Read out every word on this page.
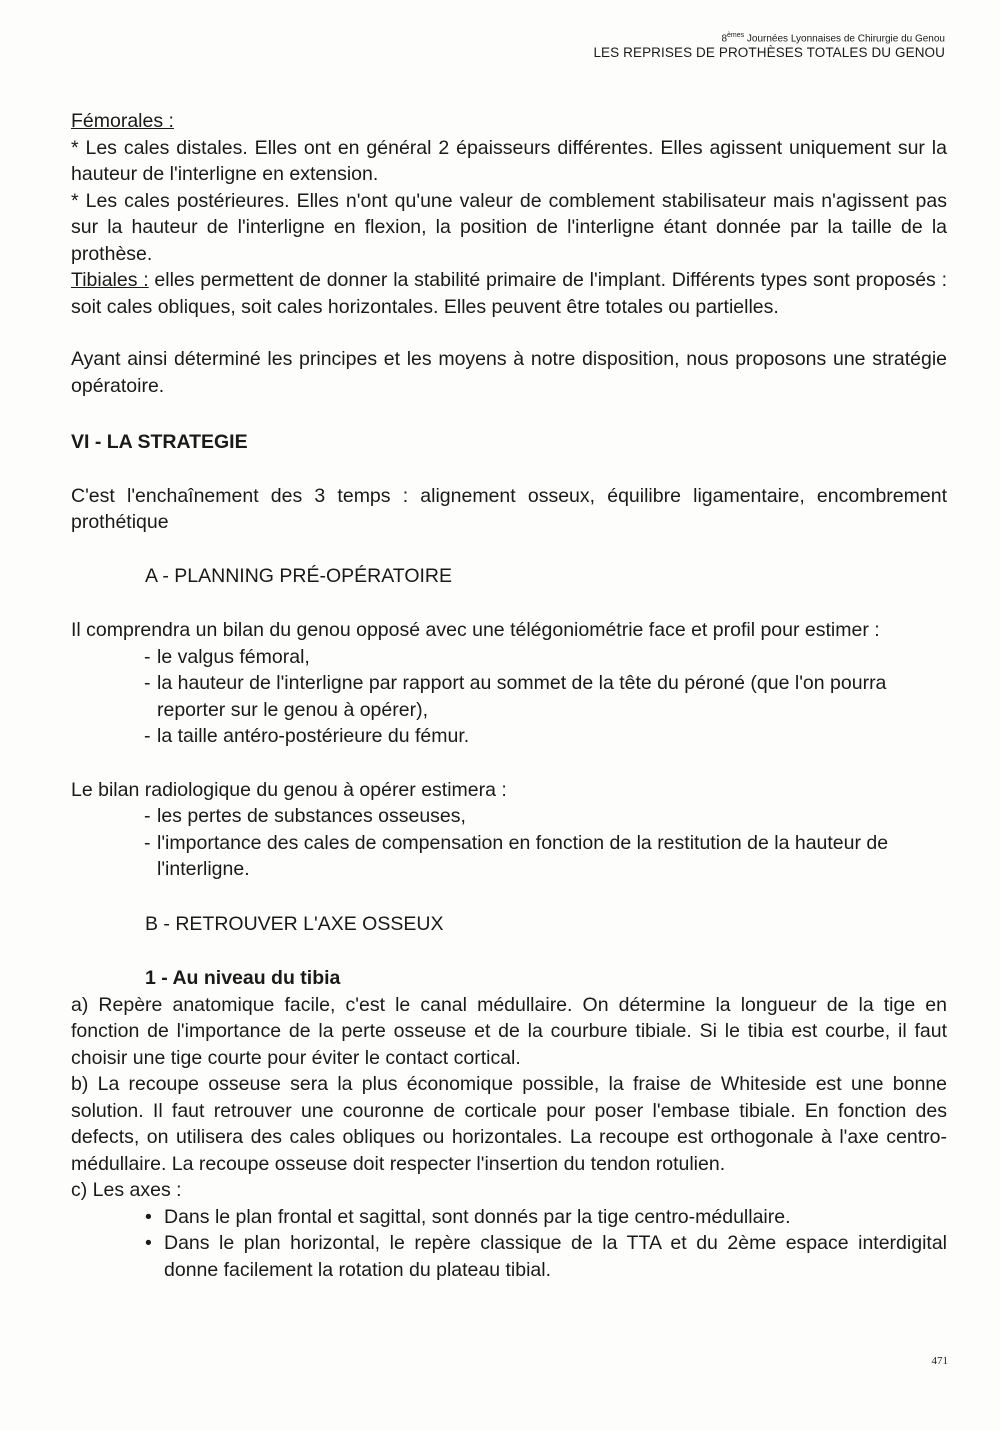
8èmes Journées Lyonnaises de Chirurgie du Genou
LES REPRISES DE PROTHÈSES TOTALES DU GENOU

Fémorales :

* Les cales distales. Elles ont en général 2 épaisseurs différentes. Elles agissent uniquement sur la hauteur de l'interligne en extension.

* Les cales postérieures. Elles n'ont qu'une valeur de comblement stabilisateur mais n'agissent pas sur la hauteur de l'interligne en flexion, la position de l'interligne étant donnée par la taille de la prothèse.

Tibiales : elles permettent de donner la stabilité primaire de l'implant. Différents types sont proposés : soit cales obliques, soit cales horizontales. Elles peuvent être totales ou partielles.

Ayant ainsi déterminé les principes et les moyens à notre disposition, nous proposons une stratégie opératoire.

VI - LA STRATEGIE

C'est l'enchaînement des 3 temps : alignement osseux, équilibre ligamentaire, encombrement prothétique

A - PLANNING PRÉ-OPÉRATOIRE

Il comprendra un bilan du genou opposé avec une télégoniométrie face et profil pour estimer :

- le valgus fémoral,
- la hauteur de l'interligne par rapport au sommet de la tête du péroné (que l'on pourra reporter sur le genou à opérer),
- la taille antéro-postérieure du fémur.

Le bilan radiologique du genou à opérer estimera :

- les pertes de substances osseuses,
- l'importance des cales de compensation en fonction de la restitution de la hauteur de l'interligne.

B - RETROUVER L'AXE OSSEUX

1 - Au niveau du tibia

a) Repère anatomique facile, c'est le canal médullaire. On détermine la longueur de la tige en fonction de l'importance de la perte osseuse et de la courbure tibiale. Si le tibia est courbe, il faut choisir une tige courte pour éviter le contact cortical.

b) La recoupe osseuse sera la plus économique possible, la fraise de Whiteside est une bonne solution. Il faut retrouver une couronne de corticale pour poser l'embase tibiale. En fonction des defects, on utilisera des cales obliques ou horizontales. La recoupe est orthogonale à l'axe centro-médullaire. La recoupe osseuse doit respecter l'insertion du tendon rotulien.

c) Les axes :

• Dans le plan frontal et sagittal, sont donnés par la tige centro-médullaire.
• Dans le plan horizontal, le repère classique de la TTA et du 2ème espace interdigital donne facilement la rotation du plateau tibial.
471
